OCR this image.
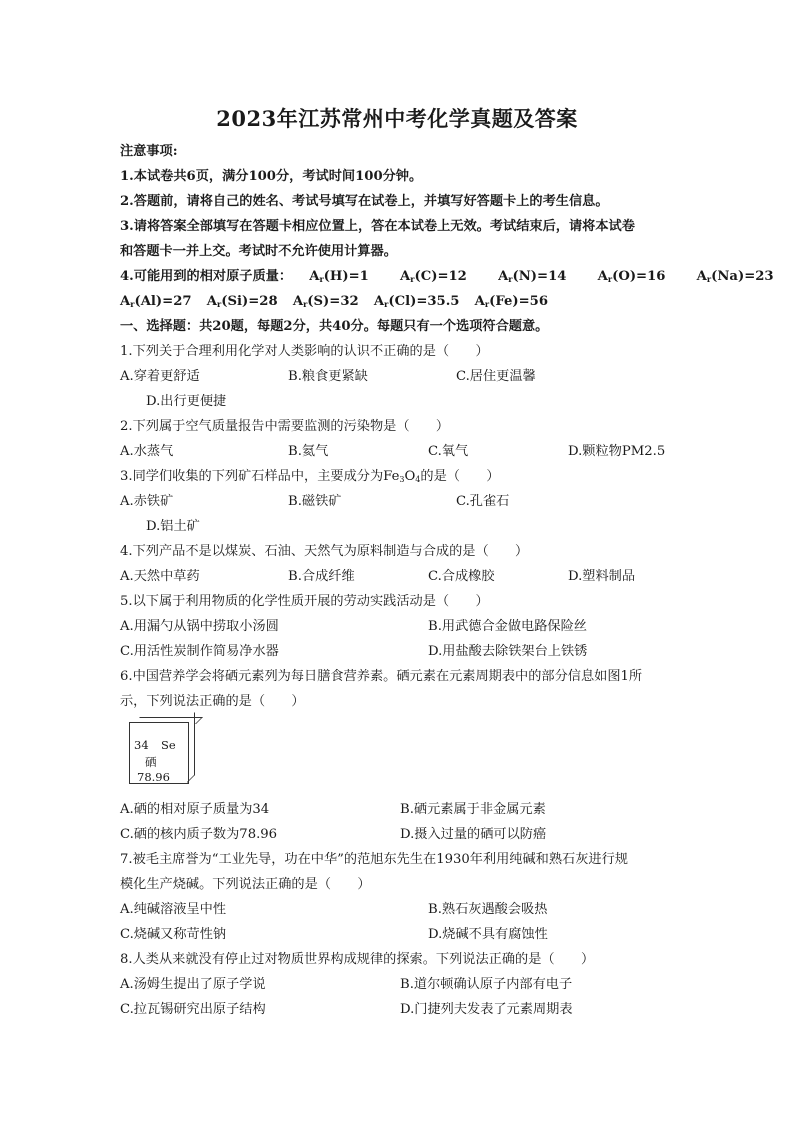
2023年江苏常州中考化学真题及答案
注意事项:
1.本试卷共6页，满分100分，考试时间100分钟。
2.答题前，请将自己的姓名、考试号填写在试卷上，并填写好答题卡上的考生信息。
3.请将答案全部填写在答题卡相应位置上，答在本试卷上无效。考试结束后，请将本试卷
和答题卡一并上交。考试时不允许使用计算器。
4.可能用到的相对原子质量： $A_r(H)=1$ $A_r(C)=12$ $A_r(N)=14$ $A_r(O)=16$ $A_r(Na)=23$
$A_r(Al)=27$ $A_r(Si)=28$ $A_r(S)=32$ $A_r(Cl)=35.5$ $A_r(Fe)=56$
一、选择题：共20题，每题2分，共40分。每题只有一个选项符合题意。
1.下列关于合理利用化学对人类影响的认识不正确的是（　　）
A.穿着更舒适	B.粮食更紧缺	C.居住更温馨
D.出行更便捷
2.下列属于空气质量报告中需要监测的污染物是（　　）
A.水蒸气	B.氦气	C.氧气	D.颗粒物PM2.5
3.同学们收集的下列矿石样品中，主要成分为$Fe_3O_4$的是（　　）
A.赤铁矿	B.磁铁矿	C.孔雀石
D.铝土矿
4.下列产品不是以煤炭、石油、天然气为原料制造与合成的是（　　）
A.天然中草药	B.合成纤维	C.合成橡胶	D.塑料制品
5.以下属于利用物质的化学性质开展的劳动实践活动是（　　）
A.用漏勺从锅中捞取小汤圆	B.用武德合金做电路保险丝
C.用活性炭制作简易净水器	D.用盐酸去除铁架台上铁锈
6.中国营养学会将硒元素列为每日膳食营养素。硒元素在元素周期表中的部分信息如图1所
示，下列说法正确的是（　　）
34 Se
硒
78.96
A.硒的相对原子质量为34	B.硒元素属于非金属元素
C.硒的核内质子数为78.96	D.摄入过量的硒可以防癌
7.被毛主席誉为“工业先导，功在中华”的范旭东先生在1930年利用纯碱和熟石灰进行规
模化生产烧碱。下列说法正确的是（　　）
A.纯碱溶液呈中性	B.熟石灰遇酸会吸热
C.烧碱又称苛性钠	D.烧碱不具有腐蚀性
8.人类从来就没有停止过对物质世界构成规律的探索。下列说法正确的是（　　）
A.汤姆生提出了原子学说	B.道尔顿确认原子内部有电子
C.拉瓦锡研究出原子结构	D.门捷列夫发表了元素周期表
